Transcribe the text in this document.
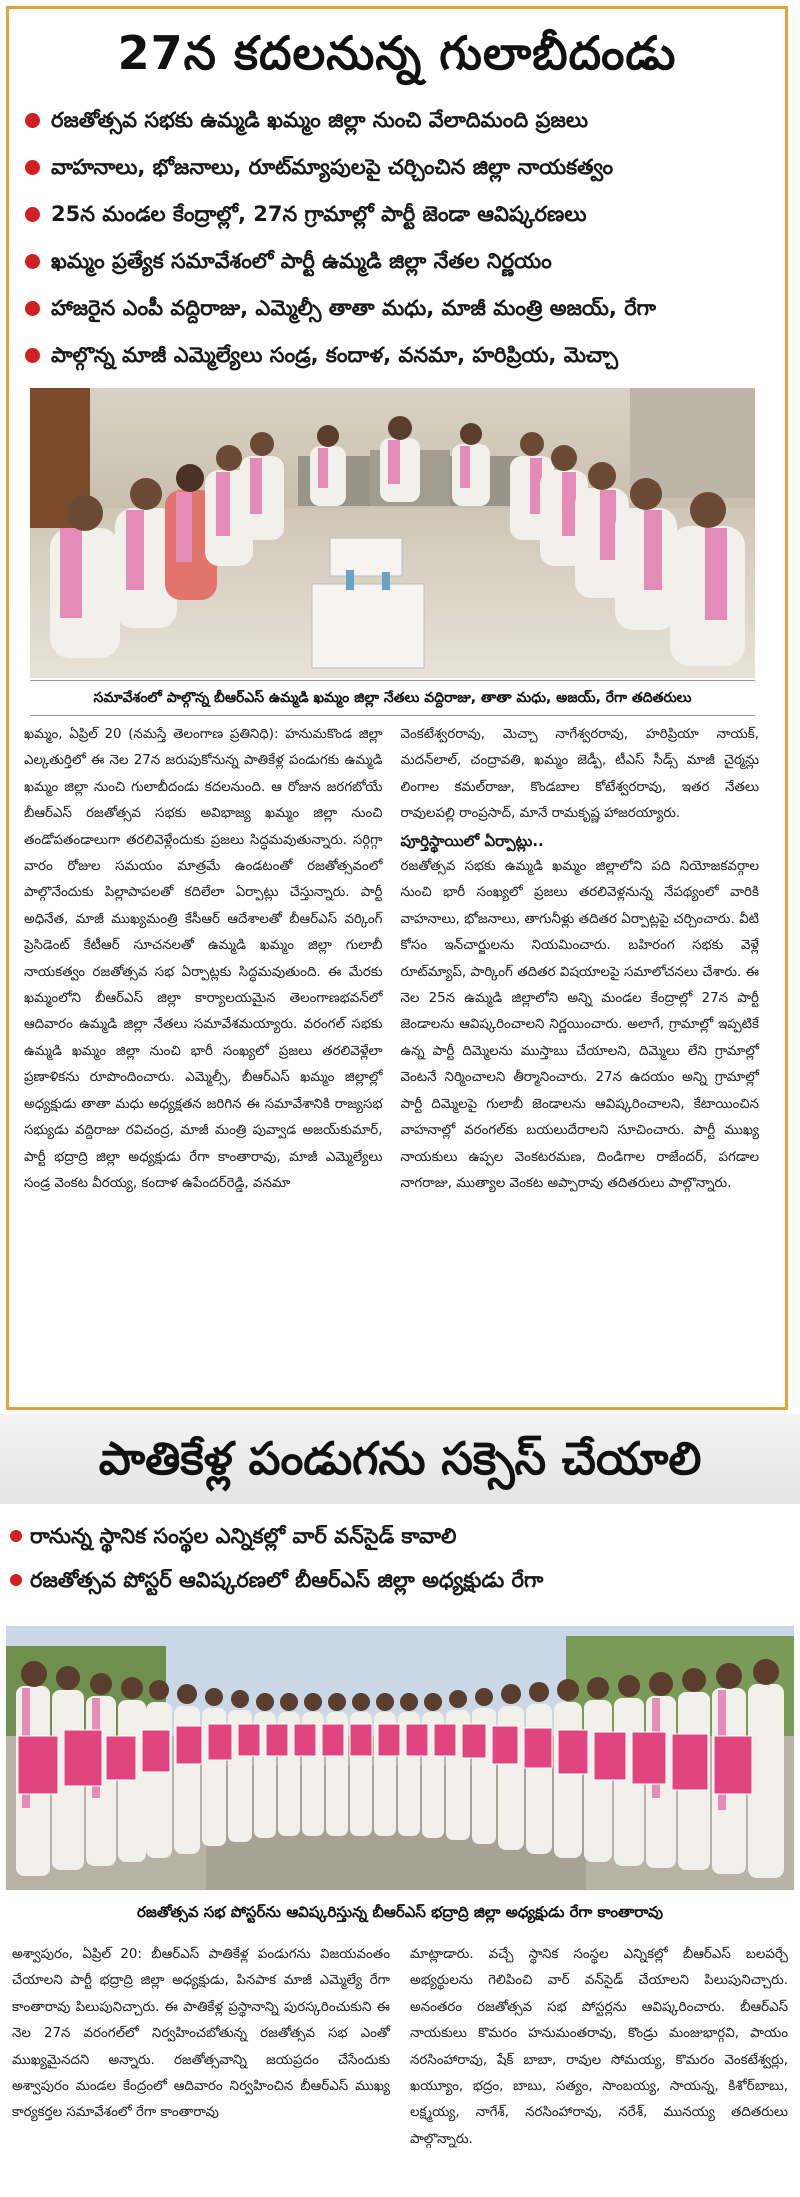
27న కదలనున్న గులాబీదండు
రజతోత్సవ సభకు ఉమ్మడి ఖమ్మం జిల్లా నుంచి వేలాదిమంది ప్రజలు
వాహనాలు, భోజనాలు, రూట్‌మ్యాపులపై చర్చించిన జిల్లా నాయకత్వం
25న మండల కేంద్రాల్లో, 27న గ్రామాల్లో పార్టీ జెండా ఆవిష్కరణలు
ఖమ్మం ప్రత్యేక సమావేశంలో పార్టీ ఉమ్మడి జిల్లా నేతల నిర్ణయం
హాజరైన ఎంపీ వద్దిరాజు, ఎమ్మెల్సీ తాతా మధు, మాజీ మంత్రి అజయ్, రేగా
పాల్గొన్న మాజీ ఎమ్మెల్యేలు సండ్ర, కందాళ, వనమా, హరిప్రియ, మెచ్చా
సమావేశంలో పాల్గొన్న బీఆర్ఎస్ ఉమ్మడి ఖమ్మం జిల్లా నేతలు వద్దిరాజు, తాతా మధు, అజయ్, రేగా తదితరులు

ఖమ్మం, ఏప్రిల్ 20 (నమస్తే తెలంగాణ ప్రతినిధి): హనుమకొండ జిల్లా ఎల్కతుర్తిలో ఈ నెల 27న జరుపుకోనున్న పాతికేళ్ల పండుగకు ఉమ్మడి ఖమ్మం జిల్లా నుంచి గులాబీదండు కదలనుంది. ఆ రోజున జరగబోయే బీఆర్ఎస్ రజతోత్సవ సభకు అవిభాజ్య ఖమ్మం జిల్లా నుంచి తండోపతండాలుగా తరలివెళ్లేందుకు ప్రజలు సిద్ధమవుతున్నారు. సర్గిగ్గా వారం రోజుల సమయం మాత్రమే ఉండటంతో రజతోత్సవంలో పాల్గొనేందుకు పిల్లాపాపలతో కదిలేలా ఏర్పాట్లు చేస్తున్నారు. పార్టీ అధినేత, మాజీ ముఖ్యమంత్రి కేసీఆర్ ఆదేశాలతో బీఆర్ఎస్ వర్కింగ్ ప్రెసిడెంట్ కేటీఆర్ సూచనలతో ఉమ్మడి ఖమ్మం జిల్లా గులాబీ నాయకత్వం రజతోత్సవ సభ ఏర్పాట్లకు సిద్ధమవుతుంది. ఈ మేరకు ఖమ్మంలోని బీఆర్ఎస్ జిల్లా కార్యాలయమైన తెలంగాణభవన్‌లో ఆదివారం ఉమ్మడి జిల్లా నేతలు సమావేశమయ్యారు. వరంగల్ సభకు ఉమ్మడి ఖమ్మం జిల్లా నుంచి భారీ సంఖ్యలో ప్రజలు తరలివెళ్లేలా ప్రణాళికను రూపొందించారు. ఎమ్మెల్సీ, బీఆర్ఎస్ ఖమ్మం జిల్లాల్లో అధ్యక్షుడు తాతా మధు అధ్యక్షతన జరిగిన ఈ సమావేశానికి రాజ్యసభ సభ్యుడు వద్దిరాజు రవిచంద్ర, మాజీ మంత్రి పువ్వాడ అజయ్‌కుమార్, పార్టీ భద్రాద్రి జిల్లా అధ్యక్షుడు రేగా కాంతారావు, మాజీ ఎమ్మెల్యేలు సండ్ర వెంకట వీరయ్య, కందాళ ఉపేందర్‌రెడ్డి, వనమా

వెంకటేశ్వరరావు, మెచ్చా నాగేశ్వరరావు, హరిప్రియా నాయక్, మదన్‌లాల్, చంద్రావతి, ఖమ్మం జెడ్పీ, టీఎస్ సీడ్స్ మాజీ చైర్మన్లు లింగాల కమల్‌రాజు, కొండబాల కోటేశ్వరరావు, ఇతర నేతలు రావులపల్లి రాంప్రసాద్, మానే రామకృష్ణ హాజరయ్యారు.

పూర్తిస్థాయిలో ఏర్పాట్లు..

రజతోత్సవ సభకు ఉమ్మడి ఖమ్మం జిల్లాలోని పది నియోజకవర్గాల నుంచి భారీ సంఖ్యలో ప్రజలు తరలివెళ్లనున్న నేపథ్యంలో వారికి వాహనాలు, భోజనాలు, తాగునీళ్లు తదితర ఏర్పాట్లపై చర్చించారు. వీటి కోసం ఇన్‌చార్జులను నియమించారు. బహిరంగ సభకు వెళ్లే రూట్‌మ్యాప్, పార్కింగ్ తదితర విషయాలపై సమాలోచనలు చేశారు. ఈ నెల 25న ఉమ్మడి జిల్లాలోని అన్ని మండల కేంద్రాల్లో 27న పార్టీ జెండాలను ఆవిష్కరించాలని నిర్ణయించారు. అలాగే, గ్రామాల్లో ఇప్పటికే ఉన్న పార్టీ దిమ్మెలను ముస్తాబు చేయాలని, దిమ్మెలు లేని గ్రామాల్లో వెంటనే నిర్మించాలని తీర్మానించారు. 27న ఉదయం అన్ని గ్రామాల్లో పార్టీ దిమ్మెలపై గులాబీ జెండాలను ఆవిష్కరించాలని, కేటాయించిన వాహనాల్లో వరంగల్‌కు బయలుదేరాలని సూచించారు. పార్టీ ముఖ్య నాయకులు ఉప్పల వెంకటరమణ, దిండిగాల రాజేందర్, పగడాల నాగరాజు, ముత్యాల వెంకట అప్పారావు తదితరులు పాల్గొన్నారు.

పాతికేళ్ల పండుగను సక్సెస్ చేయాలి
రానున్న స్థానిక సంస్థల ఎన్నికల్లో వార్ వన్‌సైడ్ కావాలి
రజతోత్సవ పోస్టర్ ఆవిష్కరణలో బీఆర్ఎస్ జిల్లా అధ్యక్షుడు రేగా
రజతోత్సవ సభ పోస్టర్‌ను ఆవిష్కరిస్తున్న బీఆర్ఎస్ భద్రాద్రి జిల్లా అధ్యక్షుడు రేగా కాంతారావు

అశ్వాపురం, ఏప్రిల్ 20: బీఆర్ఎస్ పాతికేళ్ల పండుగను విజయవంతం చేయాలని పార్టీ భద్రాద్రి జిల్లా అధ్యక్షుడు, పినపాక మాజీ ఎమ్మెల్యే రేగా కాంతారావు పిలుపునిచ్చారు. ఈ పాతికేళ్ల ప్రస్థానాన్ని పురస్కరించుకుని ఈ నెల 27న వరంగల్‌లో నిర్వహించబోతున్న రజతోత్సవ సభ ఎంతో ముఖ్యమైనదని అన్నారు. రజతోత్సవాన్ని జయప్రదం చేసేందుకు అశ్వాపురం మండల కేంద్రంలో ఆదివారం నిర్వహించిన బీఆర్ఎస్ ముఖ్య కార్యకర్తల సమావేశంలో రేగా కాంతారావు

మాట్లాడారు. వచ్చే స్థానిక సంస్థల ఎన్నికల్లో బీఆర్ఎస్ బలపర్చే అభ్యర్థులను గెలిపించి వార్ వన్‌సైడ్ చేయాలని పిలుపునిచ్చారు. అనంతరం రజతోత్సవ సభ పోస్టర్లను ఆవిష్కరించారు. బీఆర్ఎస్ నాయకులు కొమరం హనుమంతరావు, కొండ్రు మంజుభార్గవి, పాయం నరసింహారావు, షేక్ బాబా, రావుల సోమయ్య, కొమరం వెంకటేశ్వర్లు, ఖయ్యూం, భద్రం, బాబు, సత్యం, సాంబయ్య, సాయన్న, కిశోర్‌బాబు, లక్ష్మయ్య, నాగేశ్, నరసింహారావు, నరేశ్, మునయ్య తదితరులు పాల్గొన్నారు.
